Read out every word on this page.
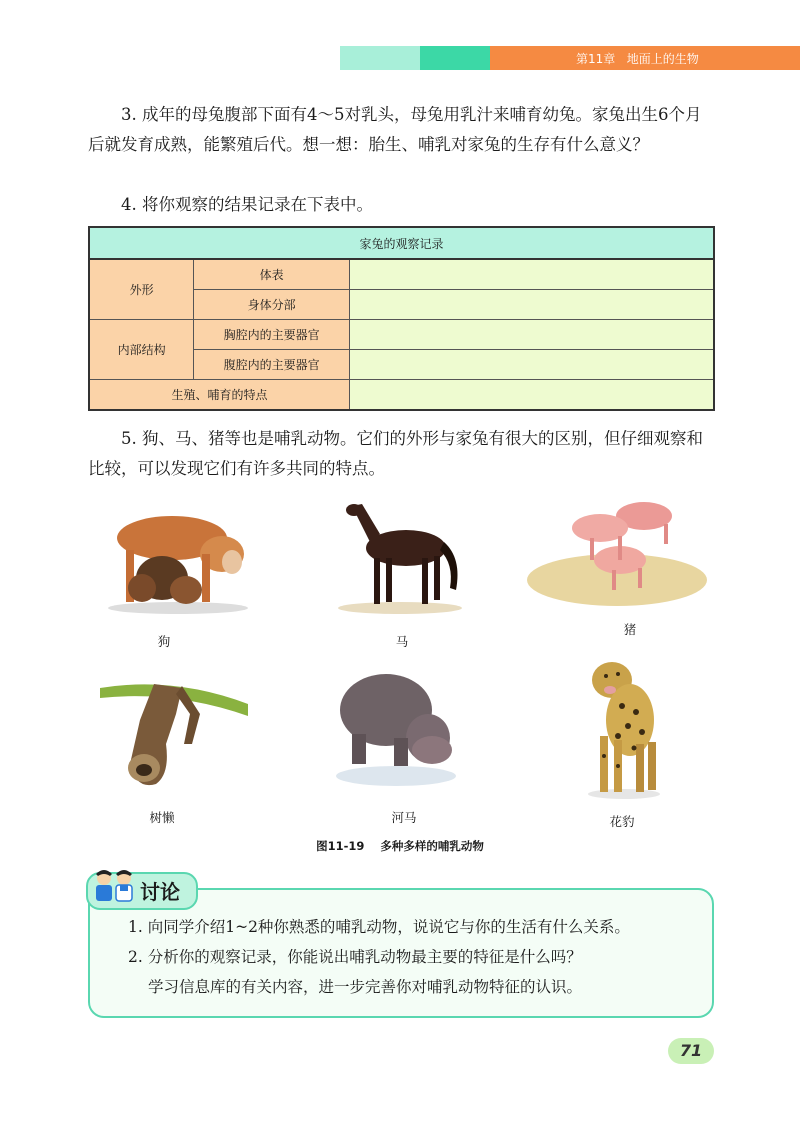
第11章 地面上的生物
3. 成年的母兔腹部下面有4～5对乳头，母兔用乳汁来哺育幼兔。家兔出生6个月后就发育成熟，能繁殖后代。想一想：胎生、哺乳对家兔的生存有什么意义？
4. 将你观察的结果记录在下表中。
家兔的观察记录		
外形	体表	
	身体分部	
内部结构	胸腔内的主要器官	
	腹腔内的主要器官	
生殖、哺育的特点		
5. 狗、马、猪等也是哺乳动物。它们的外形与家兔有很大的区别，但仔细观察和比较，可以发现它们有许多共同的特点。
狗	马
猪
树懒	河马	花豹
图11-19 多种多样的哺乳动物
讨论
1. 向同学介绍1~2种你熟悉的哺乳动物，说说它与你的生活有什么关系。
2. 分析你的观察记录，你能说出哺乳动物最主要的特征是什么吗？
学习信息库的有关内容，进一步完善你对哺乳动物特征的认识。
71
